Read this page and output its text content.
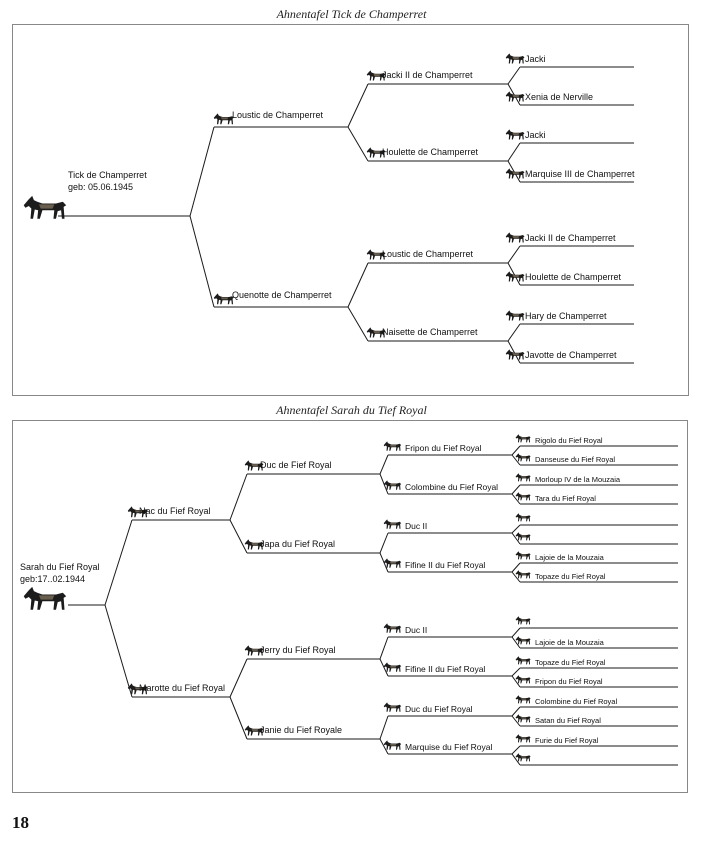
Ahnentafel Tick de Champerret
Ahnentafel Sarah du Tief Royal
Tick de Champerret
geb: 05.06.1945
Loustic de Champerret
Quenotte de Champerret
Jacki II de Champerret
Houlette de Champerret
Loustic de Champerret
Naisette de Champerret
Jacki
Xenia de Nerville
Jacki
Marquise III de Champerret
Jacki II de Champerret
Houlette de Champerret
Hary de Champerret
Javotte de Champerret
Sarah du Fief Royal
geb:17..02.1944
Nac du Fief Royal
Marotte du Fief Royal
Duc de Fief Royal
Japa du Fief Royal
Jerry du Fief Royal
Janie du Fief Royale
Fripon du Fief Royal
Colombine du Fief Royal
Duc II
Fifine II du Fief Royal
Duc II
Fifine II du Fief Royal
Duc du Fief Royal
Marquise du Fief Royal
Rigolo du Fief Royal
Danseuse du Fief Royal
Morloup IV de la Mouzaia
Tara du Fief Royal
Lajoie de la Mouzaia
Topaze du Fief Royal
Lajoie de la Mouzaia
Topaze du Fief Royal
Fripon du Fief Royal
Colombine du Fief Royal
Satan du Fief Royal
Furie du Fief Royal
18
